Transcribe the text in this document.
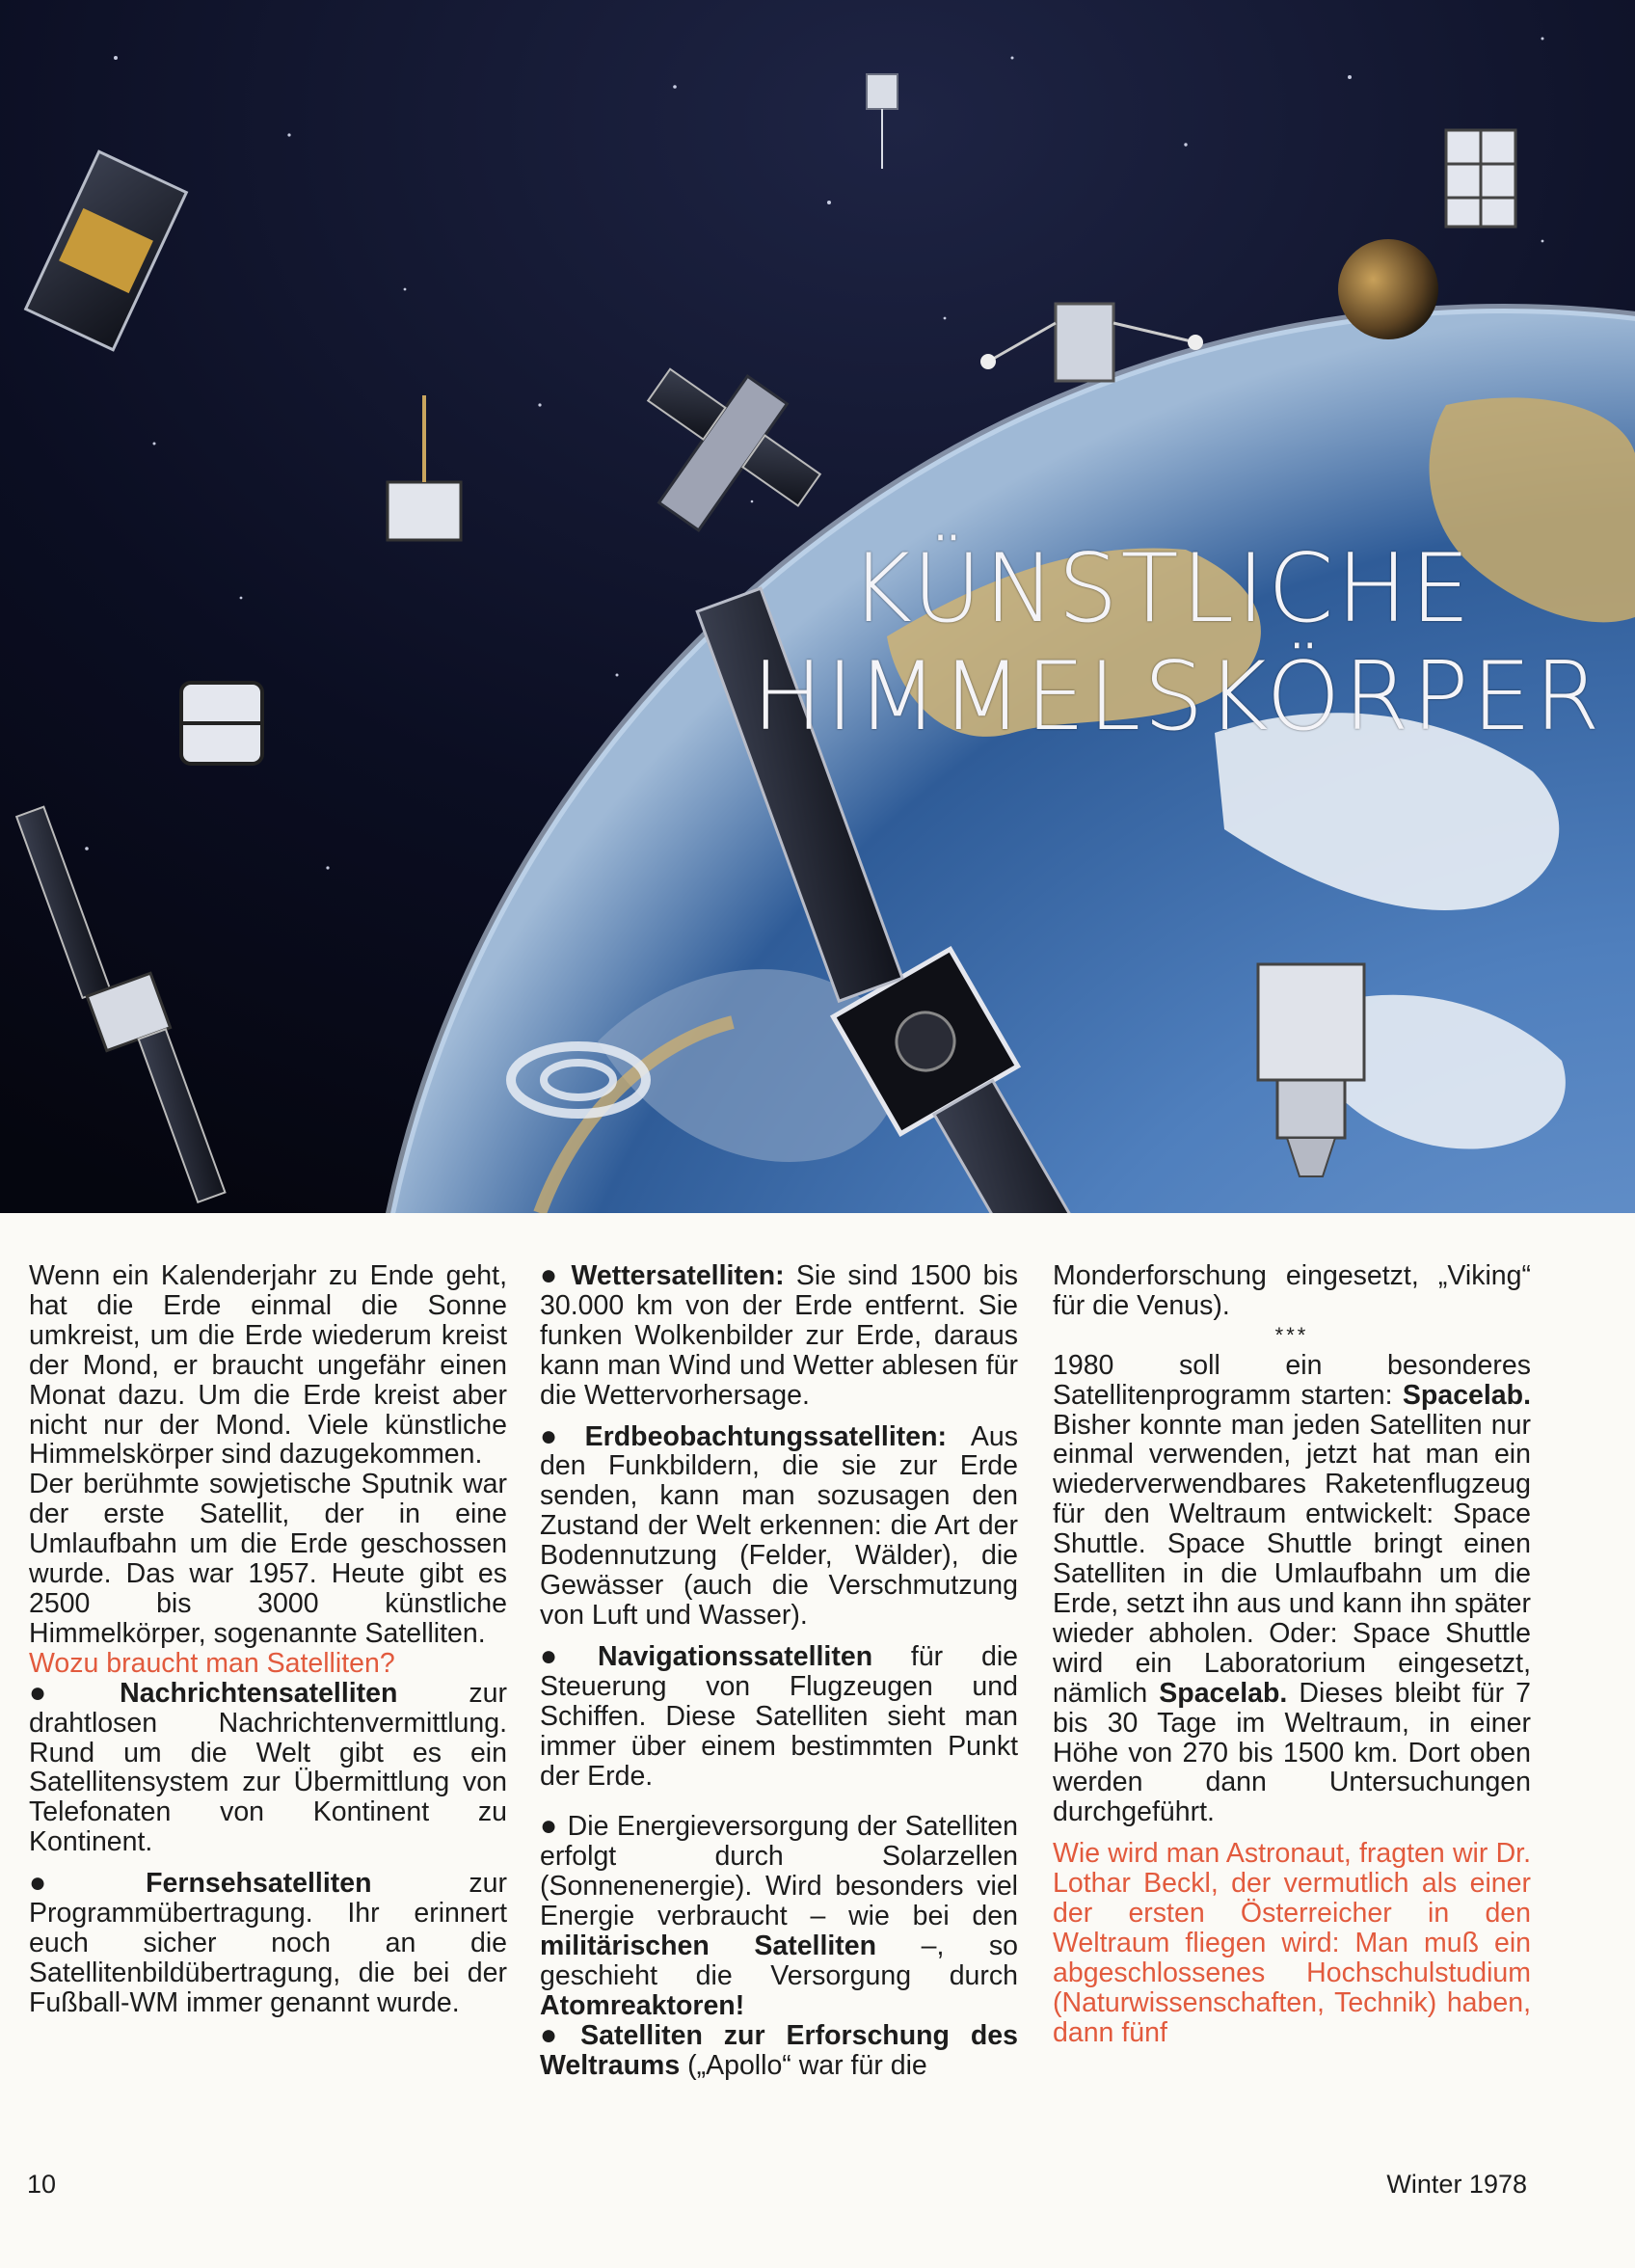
KÜNSTLICHE
HIMMELSKÖRPER

Wenn ein Kalenderjahr zu Ende geht, hat die Erde einmal die Sonne umkreist, um die Erde wiederum kreist der Mond, er braucht ungefähr einen Monat dazu. Um die Erde kreist aber nicht nur der Mond. Viele künstliche Himmelskörper sind dazugekommen.

Der berühmte sowjetische Sputnik war der erste Satellit, der in eine Umlaufbahn um die Erde geschossen wurde. Das war 1957. Heute gibt es 2500 bis 3000 künstliche Himmelkörper, sogenannte Satelliten.

Wozu braucht man Satelliten?

● Nachrichtensatelliten zur drahtlosen Nachrichtenvermittlung. Rund um die Welt gibt es ein Satellitensystem zur Übermittlung von Telefonaten von Kontinent zu Kontinent.

● Fernsehsatelliten zur Programmübertragung. Ihr erinnert euch sicher noch an die Satellitenbildübertragung, die bei der Fußball-WM immer genannt wurde.

● Wettersatelliten: Sie sind 1500 bis 30.000 km von der Erde entfernt. Sie funken Wolkenbilder zur Erde, daraus kann man Wind und Wetter ablesen für die Wettervorhersage.

● Erdbeobachtungssatelliten: Aus den Funkbildern, die sie zur Erde senden, kann man sozusagen den Zustand der Welt erkennen: die Art der Bodennutzung (Felder, Wälder), die Gewässer (auch die Verschmutzung von Luft und Wasser).

● Navigationssatelliten für die Steuerung von Flugzeugen und Schiffen. Diese Satelliten sieht man immer über einem bestimmten Punkt der Erde.

● Die Energieversorgung der Satelliten erfolgt durch Solarzellen (Sonnenenergie). Wird besonders viel Energie verbraucht – wie bei den militärischen Satelliten –, so geschieht die Versorgung durch Atomreaktoren!

● Satelliten zur Erforschung des Weltraums („Apollo“ war für die

Monderforschung eingesetzt, „Viking“ für die Venus).

***

1980 soll ein besonderes Satellitenprogramm starten: Spacelab. Bisher konnte man jeden Satelliten nur einmal verwenden, jetzt hat man ein wiederverwendbares Raketenflugzeug für den Weltraum entwickelt: Space Shuttle. Space Shuttle bringt einen Satelliten in die Umlaufbahn um die Erde, setzt ihn aus und kann ihn später wieder abholen. Oder: Space Shuttle wird ein Laboratorium eingesetzt, nämlich Spacelab. Dieses bleibt für 7 bis 30 Tage im Weltraum, in einer Höhe von 270 bis 1500 km. Dort oben werden dann Untersuchungen durchgeführt.

Wie wird man Astronaut, fragten wir Dr. Lothar Beckl, der vermutlich als einer der ersten Österreicher in den Weltraum fliegen wird: Man muß ein abgeschlossenes Hochschulstudium (Naturwissenschaften, Technik) haben, dann fünf

10	Winter 1978
